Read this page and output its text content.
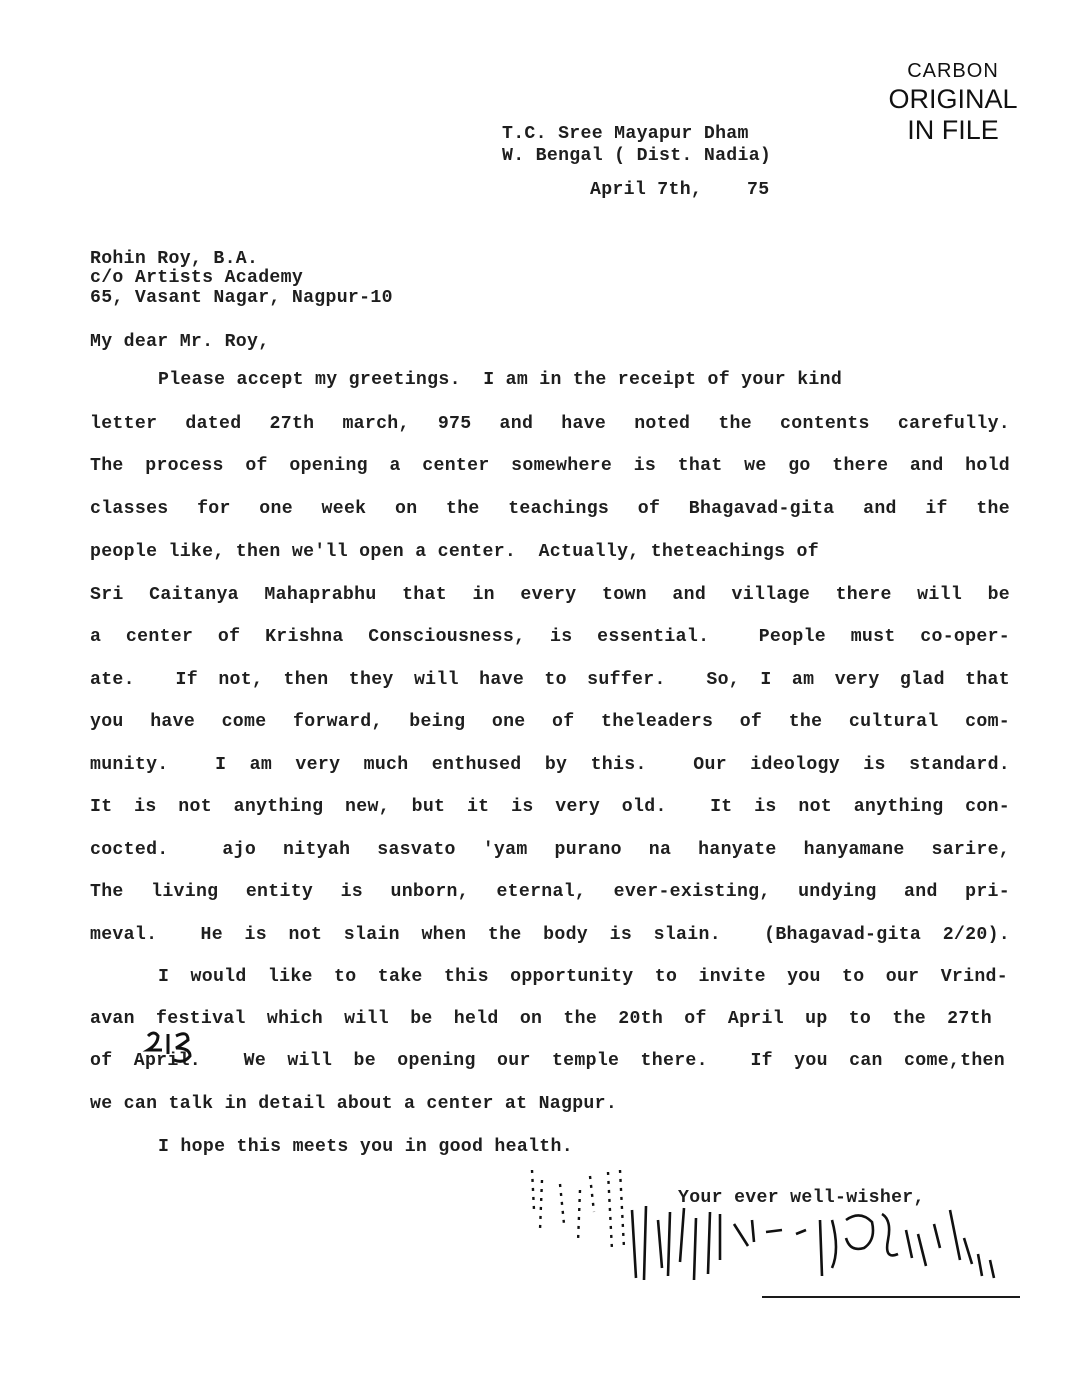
CARBON
ORIGINAL
IN FILE
T.C. Sree Mayapur Dham
W. Bengal ( Dist. Nadia)
April 7th,    75
Rohin Roy, B.A.
c/o Artists Academy
65, Vasant Nagar, Nagpur-10
My dear Mr. Roy,
Please accept my greetings.  I am in the receipt of your kind
letter dated 27th march, 975 and have noted the contents carefully.
The process of opening a center somewhere is that we go there and hold
classes for one week on the teachings of Bhagavad-gita and if the
people like, then we'll open a center.  Actually, theteachings of
Sri Caitanya Mahaprabhu that in every town and village there will be
a center of Krishna Consciousness, is essential.  People must co-oper-
ate.  If not, then they will have to suffer.  So, I am very glad that
you have come forward, being one of theleaders of the cultural com-
munity.  I am very much enthused by this.  Our ideology is standard.
It is not anything new, but it is very old.  It is not anything con-
cocted.  ajo nityah sasvato 'yam purano na hanyate hanyamane sarire,
The living entity is unborn, eternal, ever-existing, undying and pri-
meval.  He is not slain when the body is slain.  (Bhagavad-gita 2/20).
I would like to take this opportunity to invite you to our Vrind-
avan festival which will be held on the 20th of April up to the 27th
of April.  We will be opening our temple there.  If you can come,then
we can talk in detail about a center at Nagpur.
I hope this meets you in good health.
Your ever well-wisher,
